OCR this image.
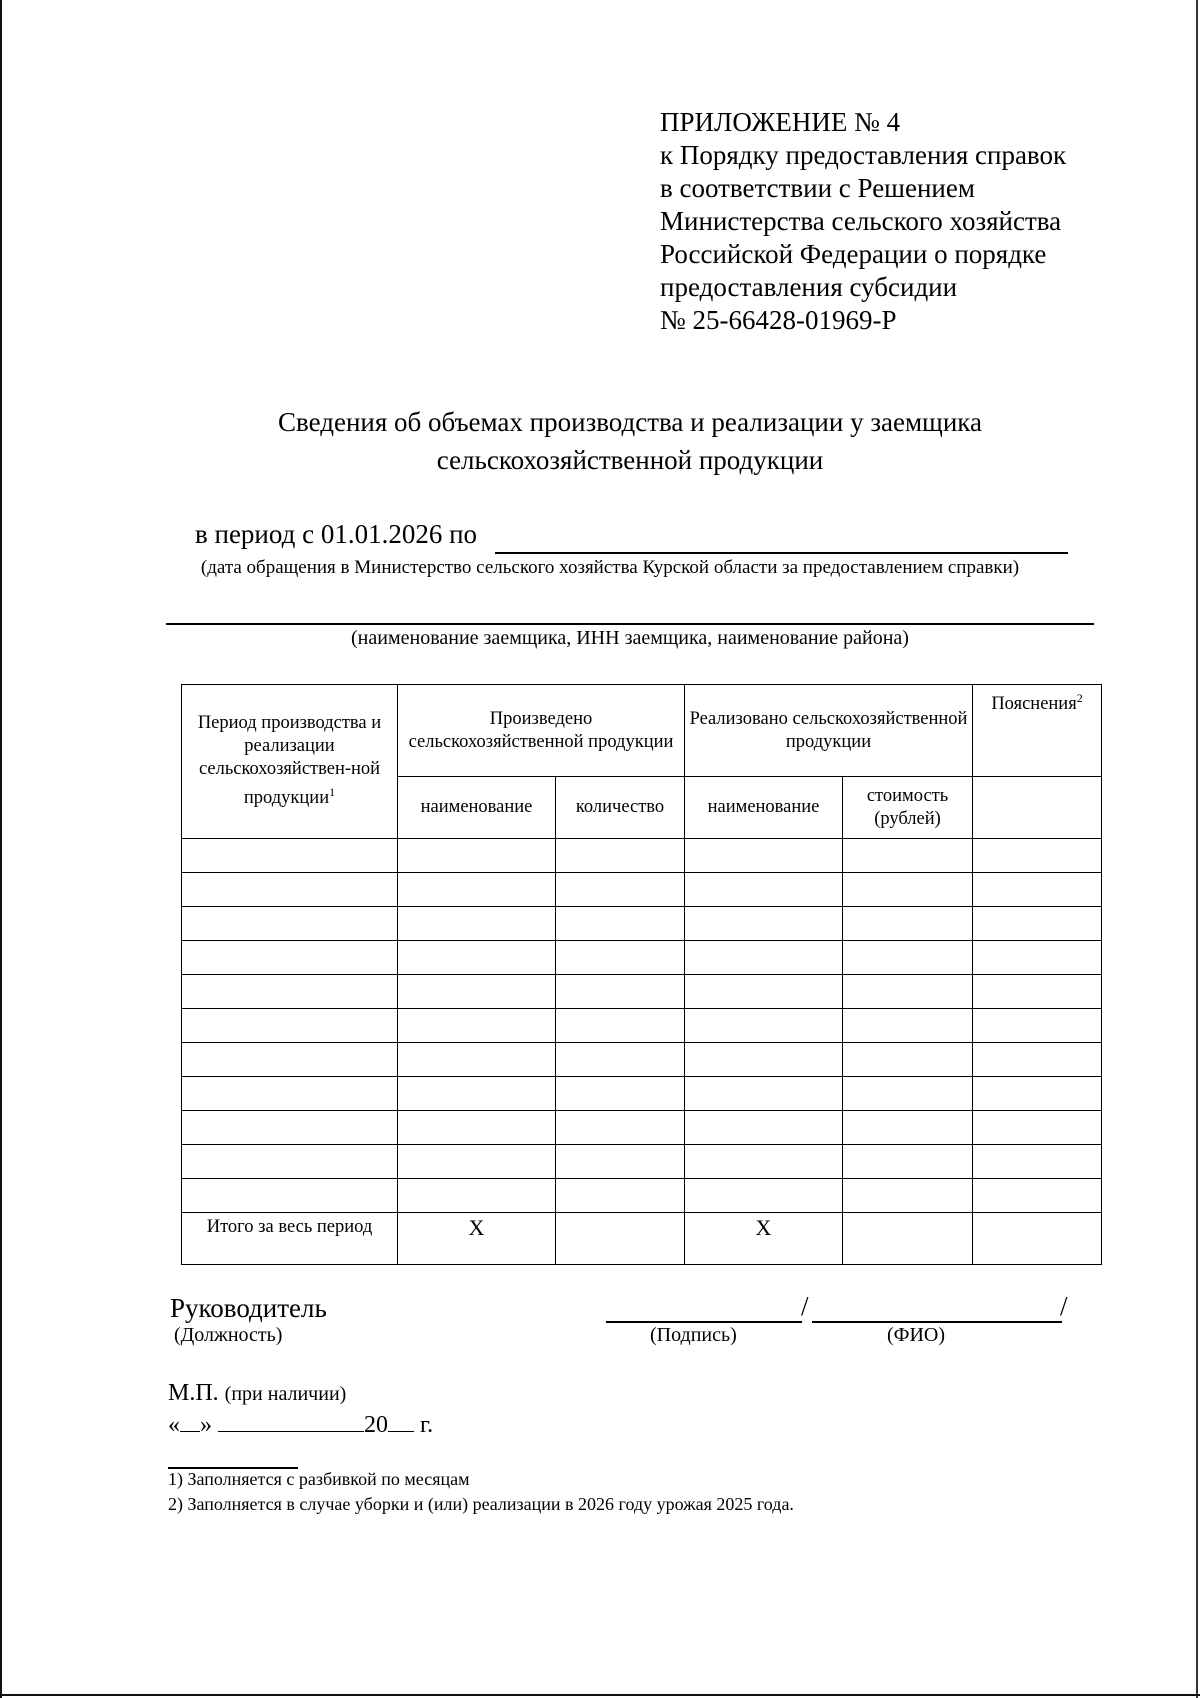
ПРИЛОЖЕНИЕ № 4
к Порядку предоставления справок
в соответствии с Решением
Министерства сельского хозяйства
Российской Федерации о порядке
предоставления субсидии
№ 25-66428-01969-Р
Сведения об объемах производства и реализации у заемщика
сельскохозяйственной продукции
в период с 01.01.2026 по
(дата обращения в Министерство сельского хозяйства Курской области за предоставлением справки)
(наименование заемщика, ИНН заемщика, наименование района)
Период производства и реализации сельскохозяйствен-ной продукции$^1$	Произведено сельскохозяйственной продукции		Реализовано сельскохозяйственной продукции		Пояснения$^2$
	наименование	количество	наименование	стоимость (рублей)	

Итого за весь период	Х		Х		
Руководитель
(Должность)
/	/
(Подпись)	(ФИО)
М.П. (при наличии)
« »	20 г.
1) Заполняется с разбивкой по месяцам
2) Заполняется в случае уборки и (или) реализации в 2026 году урожая 2025 года.
